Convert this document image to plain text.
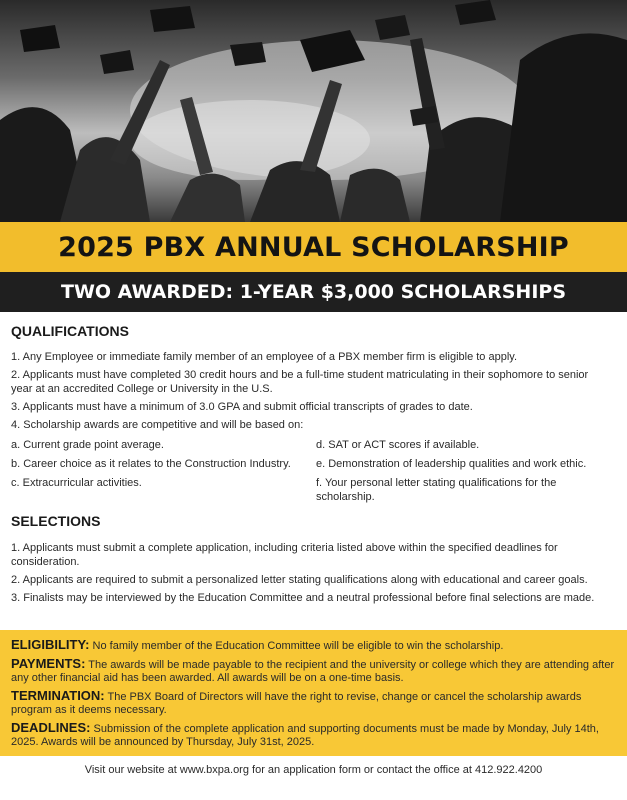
2025 PBX ANNUAL SCHOLARSHIP
TWO AWARDED: 1-YEAR $3,000 SCHOLARSHIPS
QUALIFICATIONS

1. Any Employee or immediate family member of an employee of a PBX member firm is eligible to apply.

2. Applicants must have completed 30 credit hours and be a full-time student matriculating in their sophomore to senior year at an accredited College or University in the U.S.

3. Applicants must have a minimum of 3.0 GPA and submit official transcripts of grades to date.

4. Scholarship awards are competitive and will be based on:

a. Current grade point average.	d. SAT or ACT scores if available.
b. Career choice as it relates to the Construction Industry.	e. Demonstration of leadership qualities and work ethic.
c. Extracurricular activities.	f. Your personal letter stating qualifications for the scholarship.
SELECTIONS

1. Applicants must submit a complete application, including criteria listed above within the specified deadlines for consideration.

2. Applicants are required to submit a personalized letter stating qualifications along with educational and career goals.

3. Finalists may be interviewed by the Education Committee and a neutral professional before final selections are made.

ELIGIBILITY: No family member of the Education Committee will be eligible to win the scholarship.

PAYMENTS: The awards will be made payable to the recipient and the university or college which they are attending after any other financial aid has been awarded. All awards will be on a one-time basis.

TERMINATION: The PBX Board of Directors will have the right to revise, change or cancel the scholarship awards program as it deems necessary.

DEADLINES: Submission of the complete application and supporting documents must be made by Monday, July 14th, 2025. Awards will be announced by Thursday, July 31st, 2025.

Visit our website at www.bxpa.org for an application form or contact the office at 412.922.4200
